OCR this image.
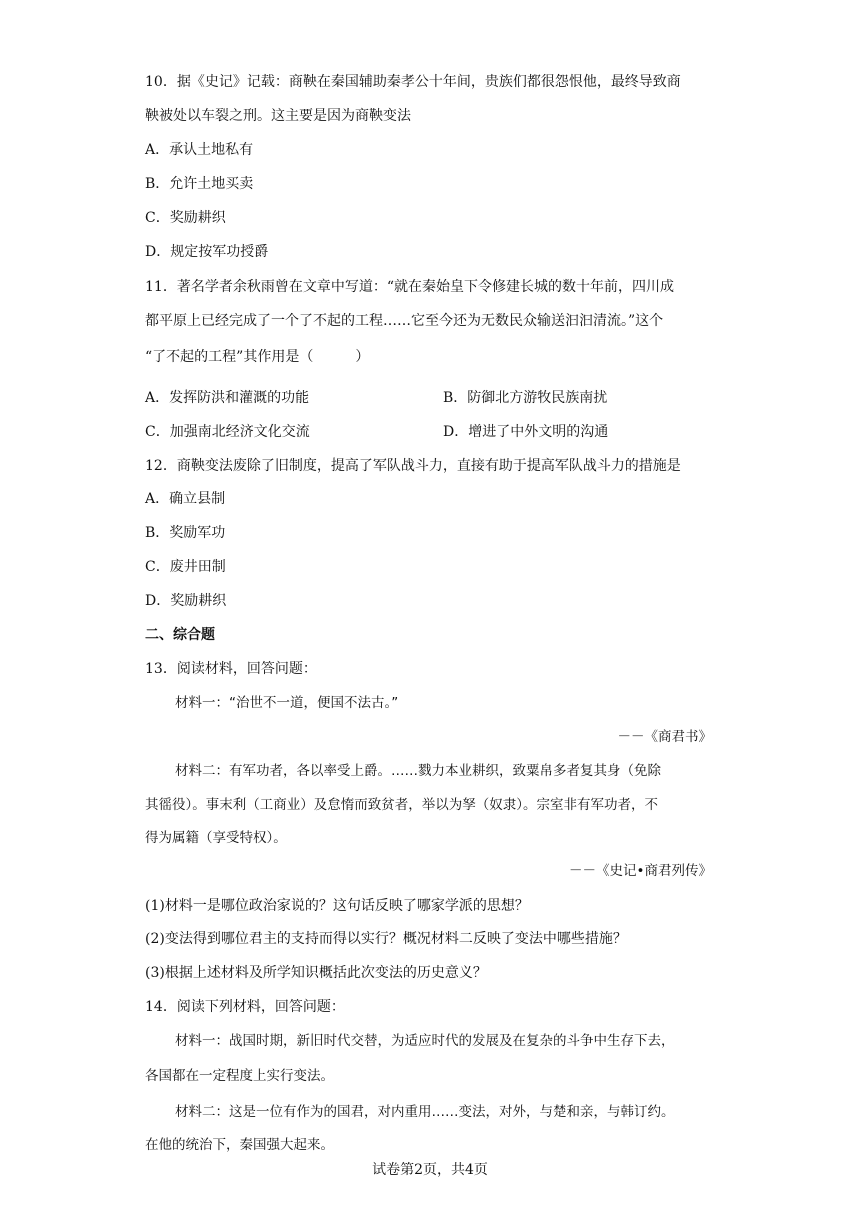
10．据《史记》记载：商鞅在秦国辅助秦孝公十年间，贵族们都很怨恨他，最终导致商
鞅被处以车裂之刑。这主要是因为商鞅变法
A．承认土地私有
B．允许土地买卖
C．奖励耕织
D．规定按军功授爵
11．著名学者余秋雨曾在文章中写道：“就在秦始皇下令修建长城的数十年前，四川成
都平原上已经完成了一个了不起的工程……它至今还为无数民众输送汩汩清流。”这个
“了不起的工程”其作用是（　　　）
A．发挥防洪和灌溉的功能	B．防御北方游牧民族南扰
C．加强南北经济文化交流	D．增进了中外文明的沟通
12．商鞅变法废除了旧制度，提高了军队战斗力，直接有助于提高军队战斗力的措施是
A．确立县制
B．奖励军功
C．废井田制
D．奖励耕织
二、综合题
13．阅读材料，回答问题：
材料一：“治世不一道，便国不法古。”
－－《商君书》
材料二：有军功者，各以率受上爵。……戮力本业耕织，致粟帛多者复其身（免除
其徭役）。事末利（工商业）及怠惰而致贫者，举以为孥（奴隶）。宗室非有军功者，不
得为属籍（享受特权）。
－－《史记•商君列传》
(1)材料一是哪位政治家说的？这句话反映了哪家学派的思想？
(2)变法得到哪位君主的支持而得以实行？概况材料二反映了变法中哪些措施？
(3)根据上述材料及所学知识概括此次变法的历史意义？
14．阅读下列材料，回答问题：
材料一：战国时期，新旧时代交替，为适应时代的发展及在复杂的斗争中生存下去，
各国都在一定程度上实行变法。
材料二：这是一位有作为的国君，对内重用……变法，对外，与楚和亲，与韩订约。
在他的统治下，秦国强大起来。
试卷第2页，共4页
